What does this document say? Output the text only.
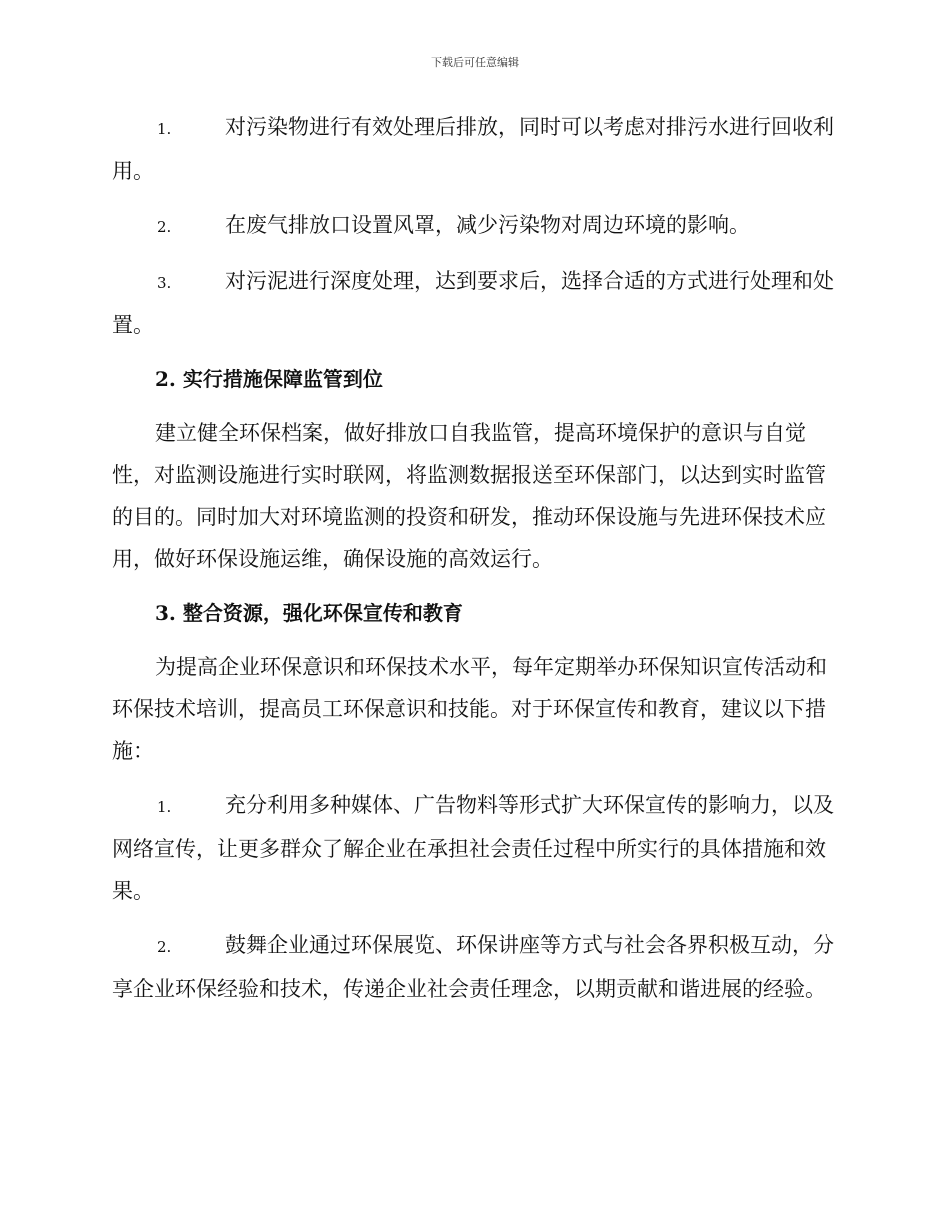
下载后可任意编辑

1.	对污染物进行有效处理后排放，同时可以考虑对排污水进行回收利用。

2.	在废气排放口设置风罩，减少污染物对周边环境的影响。

3.	对污泥进行深度处理，达到要求后，选择合适的方式进行处理和处置。

2. 实行措施保障监管到位

建立健全环保档案，做好排放口自我监管，提高环境保护的意识与自觉性，对监测设施进行实时联网，将监测数据报送至环保部门，以达到实时监管的目的。同时加大对环境监测的投资和研发，推动环保设施与先进环保技术应用，做好环保设施运维，确保设施的高效运行。

3. 整合资源，强化环保宣传和教育

为提高企业环保意识和环保技术水平，每年定期举办环保知识宣传活动和环保技术培训，提高员工环保意识和技能。对于环保宣传和教育，建议以下措施：

1.	充分利用多种媒体、广告物料等形式扩大环保宣传的影响力，以及网络宣传，让更多群众了解企业在承担社会责任过程中所实行的具体措施和效果。

2.	鼓舞企业通过环保展览、环保讲座等方式与社会各界积极互动，分享企业环保经验和技术，传递企业社会责任理念，以期贡献和谐进展的经验。
